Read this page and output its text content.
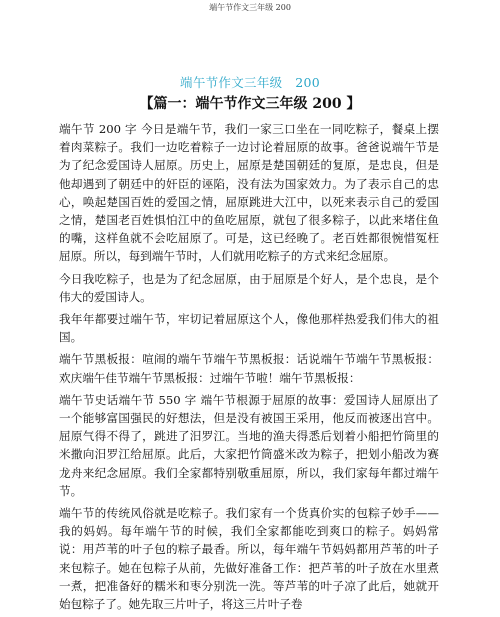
端午节作文三年级 200
端午节作文三年级　200
【篇一：端午节作文三年级 200 】

端午节 200 字 今日是端午节，我们一家三口坐在一同吃粽子，餐桌上摆着肉菜粽子。我们一边吃着粽子一边讨论着屈原的故事。爸爸说端午节是为了纪念爱国诗人屈原。历史上，屈原是楚国朝廷的复原，是忠良，但是他却遇到了朝廷中的奸臣的诬陷，没有法为国家效力。为了表示自己的忠心，唤起楚国百姓的爱国之情，屈原跳进大江中，以死来表示自己的爱国之情，楚国老百姓惧怕江中的鱼吃屈原，就包了很多粽子，以此来堵住鱼的嘴，这样鱼就不会吃屈原了。可是，这已经晚了。老百姓都很惋惜冤枉屈原。所以，每到端午节时，人们就用吃粽子的方式来纪念屈原。

今日我吃粽子，也是为了纪念屈原，由于屈原是个好人，是个忠良，是个伟大的爱国诗人。

我年年都要过端午节，牢切记着屈原这个人，像他那样热爱我们伟大的祖国。

端午节黑板报：喧闹的端午节端午节黑板报：话说端午节端午节黑板报：欢庆端午佳节端午节黑板报：过端午节啦！端午节黑板报：

端午节史话端午节 550 字 端午节根源于屈原的故事：爱国诗人屈原出了一个能够富国强民的好想法，但是没有被国王采用，他反而被逐出宫中。屈原气得不得了，跳进了汨罗江。当地的渔夫得悉后划着小船把竹筒里的米撒向汨罗江给屈原。此后，大家把竹筒盛米改为粽子，把划小船改为赛龙舟来纪念屈原。我们全家都特别敬重屈原，所以，我们家每年都过端午节。

端午节的传统风俗就是吃粽子。我们家有一个货真价实的包粽子妙手—— 我的妈妈。每年端午节的时候，我们全家都能吃到爽口的粽子。妈妈常说：用芦苇的叶子包的粽子最香。所以，每年端午节妈妈都用芦苇的叶子来包粽子。她在包粽子从前，先做好准备工作：把芦苇的叶子放在水里煮一煮，把准备好的糯米和枣分别洗一洗。等芦苇的叶子凉了此后，她就开始包粽子了。她先取三片叶子，将这三片叶子卷
